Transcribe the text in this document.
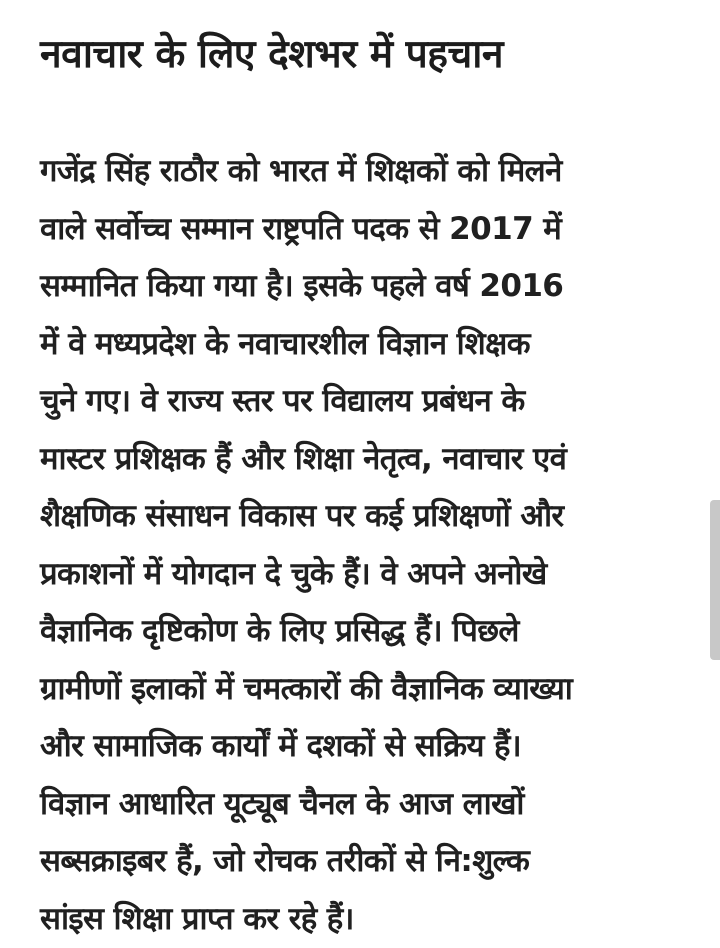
नवाचार के लिए देशभर में पहचान

गजेंद्र सिंह राठौर को भारत में शिक्षकों को मिलने
वाले सर्वोच्च सम्मान राष्ट्रपति पदक से 2017 में
सम्मानित किया गया है। इसके पहले वर्ष 2016
में वे मध्यप्रदेश के नवाचारशील विज्ञान शिक्षक
चुने गए। वे राज्य स्तर पर विद्यालय प्रबंधन के
मास्टर प्रशिक्षक हैं और शिक्षा नेतृत्व, नवाचार एवं
शैक्षणिक संसाधन विकास पर कई प्रशिक्षणों और
प्रकाशनों में योगदान दे चुके हैं। वे अपने अनोखे
वैज्ञानिक दृष्टिकोण के लिए प्रसिद्ध हैं। पिछले
ग्रामीणों इलाकों में चमत्कारों की वैज्ञानिक व्याख्या
और सामाजिक कार्यों में दशकों से सक्रिय हैं।
विज्ञान आधारित यूट्यूब चैनल के आज लाखों
सब्सक्राइबर हैं, जो रोचक तरीकों से नि:शुल्क
सांइस शिक्षा प्राप्त कर रहे हैं।
